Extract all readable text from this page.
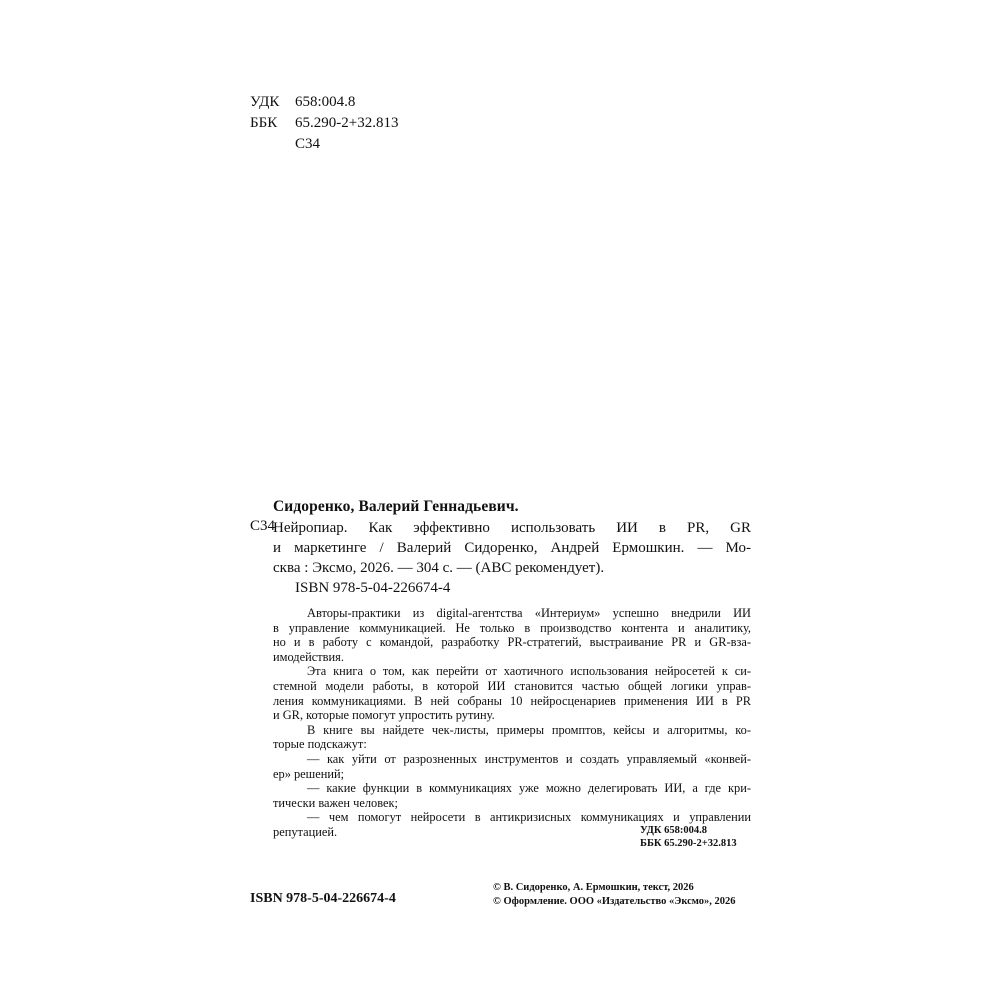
УДК	658:004.8
ББК	65.290-2+32.813
С34
Сидоренко, Валерий Геннадьевич.
С34
Нейропиар. Как эффективно использовать ИИ в PR, GR
и маркетинге / Валерий Сидоренко, Андрей Ермошкин. — Мо-
сква : Эксмо, 2026. — 304 с. — (ABC рекомендует).
ISBN 978-5-04-226674-4
Авторы-практики из digital-агентства «Интериум» успешно внедрили ИИ
в управление коммуникацией. Не только в производство контента и аналитику,
но и в работу с командой, разработку PR-стратегий, выстраивание PR и GR-вза-
имодействия.
Эта книга о том, как перейти от хаотичного использования нейросетей к си-
стемной модели работы, в которой ИИ становится частью общей логики управ-
ления коммуникациями. В ней собраны 10 нейросценариев применения ИИ в PR
и GR, которые помогут упростить рутину.
В книге вы найдете чек-листы, примеры промптов, кейсы и алгоритмы, ко-
торые подскажут:
— как уйти от разрозненных инструментов и создать управляемый «конвей-
ер» решений;
— какие функции в коммуникациях уже можно делегировать ИИ, а где кри-
тически важен человек;
— чем помогут нейросети в антикризисных коммуникациях и управлении
репутацией.	УДК 658:004.8
ББК 65.290-2+32.813
ISBN 978-5-04-226674-4
© В. Сидоренко, А. Ермошкин, текст, 2026
© Оформление. ООО «Издательство «Эксмо», 2026
